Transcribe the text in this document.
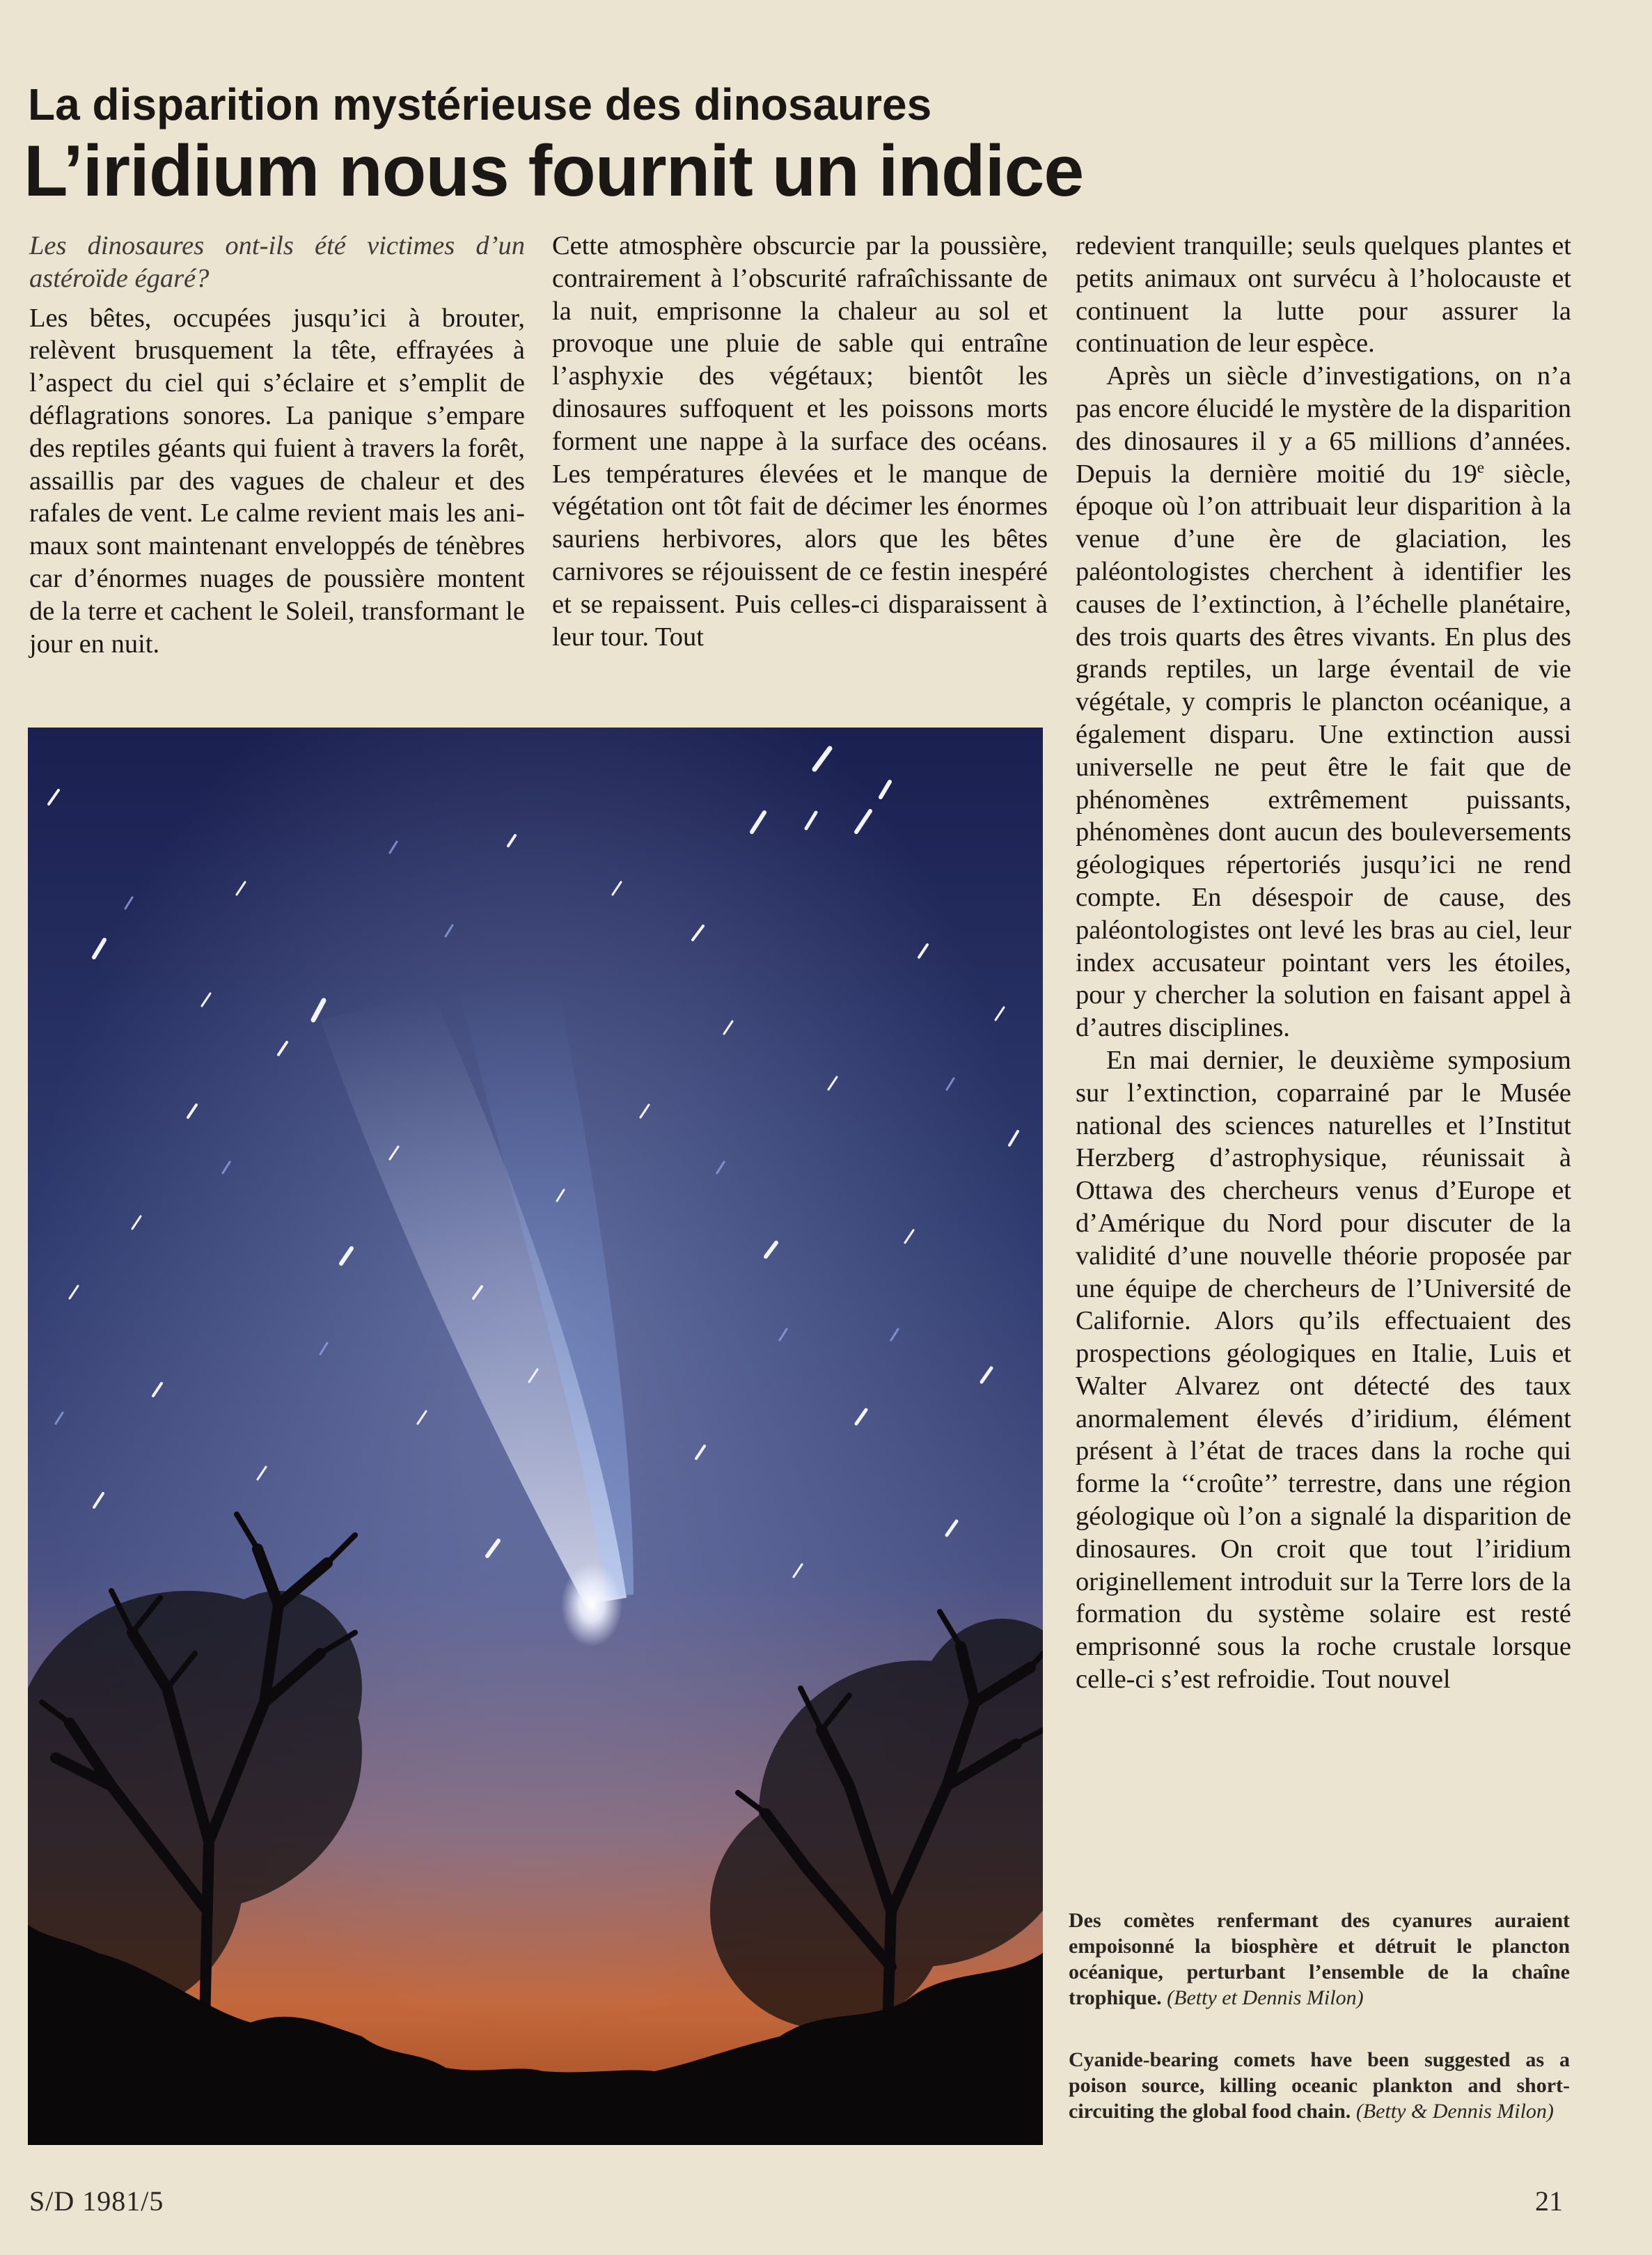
La disparition mystérieuse des dinosaures
L’iridium nous fournit un indice

Les dinosaures ont-ils été victimes d’un astéroïde égaré?

Les bêtes, occupées jusqu’ici à brouter, relèvent brusquement la tête, effrayées à l’aspect du ciel qui s’éclaire et s’emplit de déflagrations sonores. La panique s’empare des reptiles géants qui fuient à travers la forêt, assaillis par des vagues de chaleur et des rafales de vent. Le calme revient mais les animaux sont maintenant enveloppés de ténèbres car d’énormes nuages de poussière montent de la terre et cachent le Soleil, transformant le jour en nuit.

Cette atmosphère obscurcie par la poussière, contrairement à l’obscurité rafraîchissante de la nuit, emprisonne la chaleur au sol et provoque une pluie de sable qui entraîne l’asphyxie des végétaux; bientôt les dinosaures suffoquent et les poissons morts forment une nappe à la surface des océans. Les températures élevées et le manque de végétation ont tôt fait de décimer les énormes sauriens herbivores, alors que les bêtes carnivores se réjouissent de ce festin inespéré et se repaissent. Puis celles-ci disparaissent à leur tour. Tout

redevient tranquille; seuls quelques plantes et petits animaux ont survécu à l’holocauste et continuent la lutte pour assurer la continuation de leur espèce.

Après un siècle d’investigations, on n’a pas encore élucidé le mystère de la disparition des dinosaures il y a 65 millions d’années. Depuis la dernière moitié du 19e siècle, époque où l’on attribuait leur disparition à la venue d’une ère de glaciation, les paléontologistes cherchent à identifier les causes de l’extinction, à l’échelle planétaire, des trois quarts des êtres vivants. En plus des grands reptiles, un large éventail de vie végétale, y compris le plancton océanique, a également disparu. Une extinction aussi universelle ne peut être le fait que de phénomènes extrêmement puissants, phénomènes dont aucun des bouleversements géologiques répertoriés jusqu’ici ne rend compte. En désespoir de cause, des paléontologistes ont levé les bras au ciel, leur index accusateur pointant vers les étoiles, pour y chercher la solution en faisant appel à d’autres disciplines.

En mai dernier, le deuxième symposium sur l’extinction, coparrainé par le Musée national des sciences naturelles et l’Institut Herzberg d’astrophysique, réunissait à Ottawa des chercheurs venus d’Europe et d’Amérique du Nord pour discuter de la validité d’une nouvelle théorie proposée par une équipe de chercheurs de l’Université de Californie. Alors qu’ils effectuaient des prospections géologiques en Italie, Luis et Walter Alvarez ont détecté des taux anormalement élevés d’iridium, élément présent à l’état de traces dans la roche qui forme la ‘‘croûte’’ terrestre, dans une région géologique où l’on a signalé la disparition de dinosaures. On croit que tout l’iridium originellement introduit sur la Terre lors de la formation du système solaire est resté emprisonné sous la roche crustale lorsque celle-ci s’est refroidie. Tout nouvel

Des comètes renfermant des cyanures auraient empoisonné la biosphère et détruit le plancton océanique, perturbant l’ensemble de la chaîne trophique. (Betty et Dennis Milon)

Cyanide-bearing comets have been suggested as a poison source, killing oceanic plankton and short-circuiting the global food chain. (Betty & Dennis Milon)

S/D 1981/5	21
